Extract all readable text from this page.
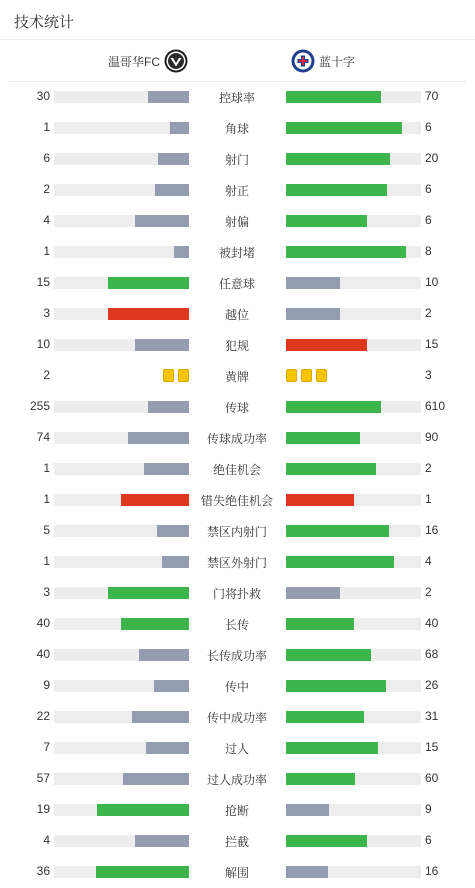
技术统计
温哥华FC	蓝十字
30	控球率	70
1	角球	6
6	射门	20
2	射正	6
4	射偏	6
1	被封堵	8
15	任意球	10
3	越位	2
10	犯规	15
2	黄牌	3
255	传球	610
74	传球成功率	90
1	绝佳机会	2
1	错失绝佳机会	1
5	禁区内射门	16
1	禁区外射门	4
3	门将扑救	2
40	长传	40
40	长传成功率	68
9	传中	26
22	传中成功率	31
7	过人	15
57	过人成功率	60
19	抢断	9
4	拦截	6
36	解围	16
